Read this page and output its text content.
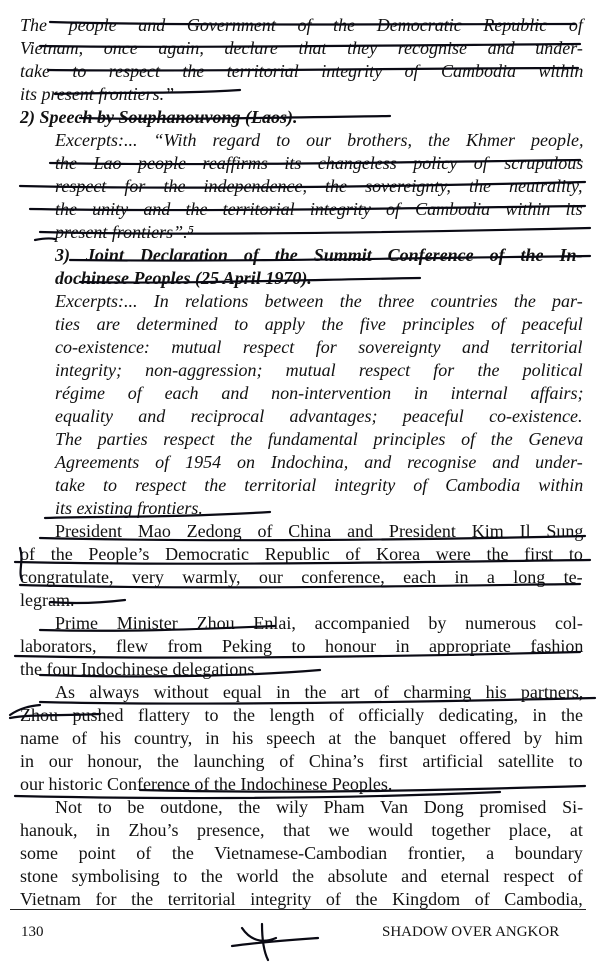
The people and Government of the Democratic Republic of
Vietnam, once again, declare that they recognise and under-
take to respect the territorial integrity of Cambodia within
its present frontiers.”
2) Speech by Souphanouvong (Laos).
Excerpts:... “With regard to our brothers, the Khmer people,
the Lao people reaffirms its changeless policy of scrupulous
respect for the independence, the sovereignty, the neutrality,
the unity and the territorial integrity of Cambodia within its
present frontiers”.⁵
3) Joint Declaration of the Summit Conference of the In-
dochinese Peoples (25 April 1970).
Excerpts:... In relations between the three countries the par-
ties are determined to apply the five principles of peaceful
co-existence: mutual respect for sovereignty and territorial
integrity; non-aggression; mutual respect for the political
régime of each and non-intervention in internal affairs;
equality and reciprocal advantages; peaceful co-existence.
The parties respect the fundamental principles of the Geneva
Agreements of 1954 on Indochina, and recognise and under-
take to respect the territorial integrity of Cambodia within
its existing frontiers.
President Mao Zedong of China and President Kim Il Sung
of the People’s Democratic Republic of Korea were the first to
congratulate, very warmly, our conference, each in a long te-
legram.
Prime Minister Zhou Enlai, accompanied by numerous col-
laborators, flew from Peking to honour in appropriate fashion
the four Indochinese delegations.
As always without equal in the art of charming his partners,
Zhou pushed flattery to the length of officially dedicating, in the
name of his country, in his speech at the banquet offered by him
in our honour, the launching of China’s first artificial satellite to
our historic Conference of the Indochinese Peoples.
Not to be outdone, the wily Pham Van Dong promised Si-
hanouk, in Zhou’s presence, that we would together place, at
some point of the Vietnamese-Cambodian frontier, a boundary
stone symbolising to the world the absolute and eternal respect of
Vietnam for the territorial integrity of the Kingdom of Cambodia,
130	SHADOW OVER ANGKOR
